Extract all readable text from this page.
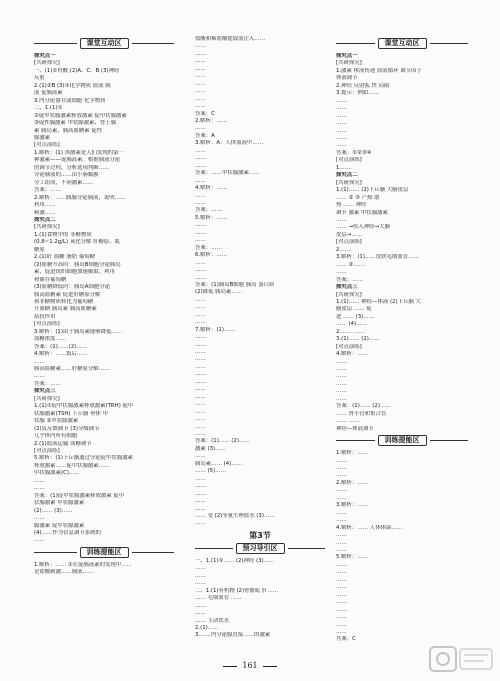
课堂互动区
探究点一
[共研探究]
一、(1)①胃酸 (2)A、C、B (3)神经
反射
2.(1)②B (3)①化学物质 血液 胰
液 促胰液素
3.内分泌器官或细胞 化学物质
二、1.(1)①
②促甲状腺激素释放激素 促甲状腺激素
③促性腺激素 甲状腺激素、肾上腺
素 胰岛素、胰高血糖素 促性
腺激素
[对点演练]
1.解析：(1) 该激素是人们发现的第一
种激素——促胰液素。根据胰液分泌
的调节过程，分析选项判断……
分泌胰液的……由小肠黏膜
分工组成，不同激素……
答案：……
2.解析：……胰腺分泌胰液，说明……
利用……
刺激……
探究点二
[共研探究]
1.(1)食物中的 非糖物质
(0.8~1.2g/L) 氧化分解 肝糖原、肌
糖原
2.(1)肝 血糖 脂肪 葡萄糖
(2)血糖升高时：胰岛B细胞分泌胰岛
素，促进组织细胞加速摄取、利用
和储存葡萄糖
(3)血糖降低时：胰岛A细胞分泌
胰高血糖素 促进肝糖原分解
和非糖物质转化为葡萄糖
升血糖 胰岛素 胰高血糖素
拮抗作用
[对点演练]
3.解析：(1)由于胰岛素能够降低……
血糖浓度……
答案：(1)……(2)……
4.解析：……饭后……
……
胰高血糖素……肝糖原分解……
……
答案：……
探究点三
[共研探究]
1.(1)①促甲状腺激素释放激素(TRH) 促甲
状腺激素(TSH) 下丘脑 垂体 甲
状腺 ②甲状腺激素
(2)负反馈调节 (3)分级调节
几乎体内所有细胞
2.(1)血液运输 血糖调节
[对点演练]
5.解析：(1)下丘脑通过分泌促甲状腺激素
释放激素……促甲状腺激素……
甲状腺激素(C)……
……
……
答案：(1)促甲状腺激素释放激素 促甲
状腺激素 甲状腺激素
(2)…… (3)……
……
腺激素 促甲状腺激素
(4)……作为信息调节系统的
……
训练提能区
1.解析：…… ①在促胰液素的发现中……
是盐酸刺激……胰液……
盐酸和稀盐酸提取液注入……
……
……
……
……
……
……
……
……
……
答案：C
2.解析：……
……
答案：A
3.解析：A：人体血液中……
……
……
……
答案：……甲状腺激素……
……
4.解析：……
……
……
答案：……
5.解析：……
……
……
……
答案：……
6.解析：……
……
……
……
答案：(1)胰岛B细胞 胰岛 蛋白质
(2)降低 胰岛素……
……
……
……
……
7.解析：(1)……
……
……
……
……
……
……
……
……
……
……
……
……
……
……
答案：(1)…… (2)……
激素 (3)……
……
胰岛素…… (4)……
…… (5)……
……
……
……
……
……
…… 受 (2)等量生理盐水 (3)……
……
第3节
预习导引区
一、1.(1)①…… (2)神经 (3)……
……
……
……
二、1.(1)有机物 (2)骨骼肌 肝……
…… 毛细血管 ……
……
……
…… 主动饮水
2.(1)……
3.……内分泌腺直接……的激素
课堂互动区
探究点一
[共研探究]
1.激素 体液传递 血液循环 调节因子
体液调节
2.神经 反射弧 快 局限
3.提示：例如……
……
……
……
……
……
……
……
答案：①②③④
[对点演练]
1.……
探究点二
[共研探究]
1.(1)…… (2)下丘脑 大脑皮层
…… ② ③ 产热 散
热 …… 神经
调节 激素 甲状腺激素
……
…… →传入神经→大脑
皮层→……
[对点演练]
2.……
3.解析：(1)……皮肤毛细血管……
…… ②……
……
答案：……
探究点三
[共研探究]
1.(1)…… 神经—体液 (2)下丘脑 大
脑皮层 …… 促
进 …… (3)……
…… (4)……
2.…… ……
3.(1)…… (2)……
[对点演练]
4.解析：……
……
……
……
……
……
……
答案：(1)…… (2)……
…… 肾小管和集合管
…… ……
神经—体液调节
训练提能区
1.解析：……
……
……
……
2.解析：……
……
……
3.解析：……
……
……
4.解析：…… 人体体温……
……
……
……
5.解析：……
……
……
……
……
……
……
……
……
……
……
答案：C
161
